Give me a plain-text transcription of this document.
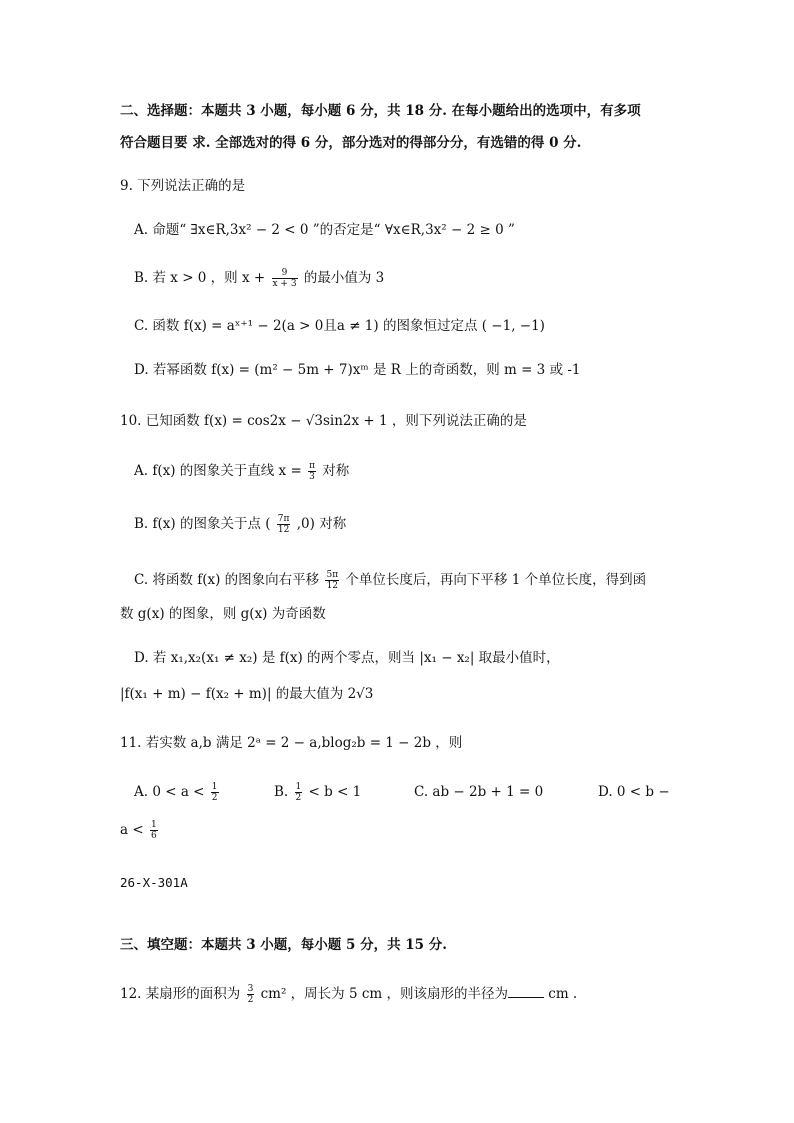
二、选择题：本题共 3 小题，每小题 6 分，共 18 分. 在每小题给出的选项中，有多项
符合题目要 求. 全部选对的得 6 分，部分选对的得部分分，有选错的得 0 分.
9. 下列说法正确的是
A. 命题“ ∃x∈R,3x² − 2 < 0 ”的否定是“ ∀x∈R,3x² − 2 ≥ 0 ”
B. 若 x > 0 ，则 $x + \frac{9}{x + 3}$ 的最小值为 3
C. 函数 f(x) = aˣ⁺¹ − 2(a > 0且a ≠ 1) 的图象恒过定点 ( −1, −1)
D. 若幂函数 f(x) = (m² − 5m + 7)xᵐ 是 R 上的奇函数，则 m = 3 或 -1
10. 已知函数 f(x) = cos2x − √3sin2x + 1 ，则下列说法正确的是
A. f(x) 的图象关于直线 $x = \frac{\pi}{3}$ 对称
B. f(x) 的图象关于点 ( $\frac{7\pi}{12} ,0$) 对称
C. 将函数 f(x) 的图象向右平移 $\frac{5\pi}{12}$ 个单位长度后，再向下平移 1 个单位长度，得到函
数 g(x) 的图象，则 g(x) 为奇函数
D. 若 x₁,x₂(x₁ ≠ x₂) 是 f(x) 的两个零点，则当 |x₁ − x₂| 取最小值时，
|f(x₁ + m) − f(x₂ + m)| 的最大值为 2√3
11. 若实数 a,b 满足 2ᵃ = 2 − a,blog₂b = 1 − 2b ，则
A. $0 < a < \frac{1}{2}$	B. $\frac{1}{2} < b < 1$	C. ab − 2b + 1 = 0	D. 0 < b −
$a < \frac{1}{6}$
26-X-301A
三、填空题：本题共 3 小题，每小题 5 分，共 15 分.
12. 某扇形的面积为 $\frac{3}{2} cm^2$ ，周长为 5 cm ，则该扇形的半径为	cm .
